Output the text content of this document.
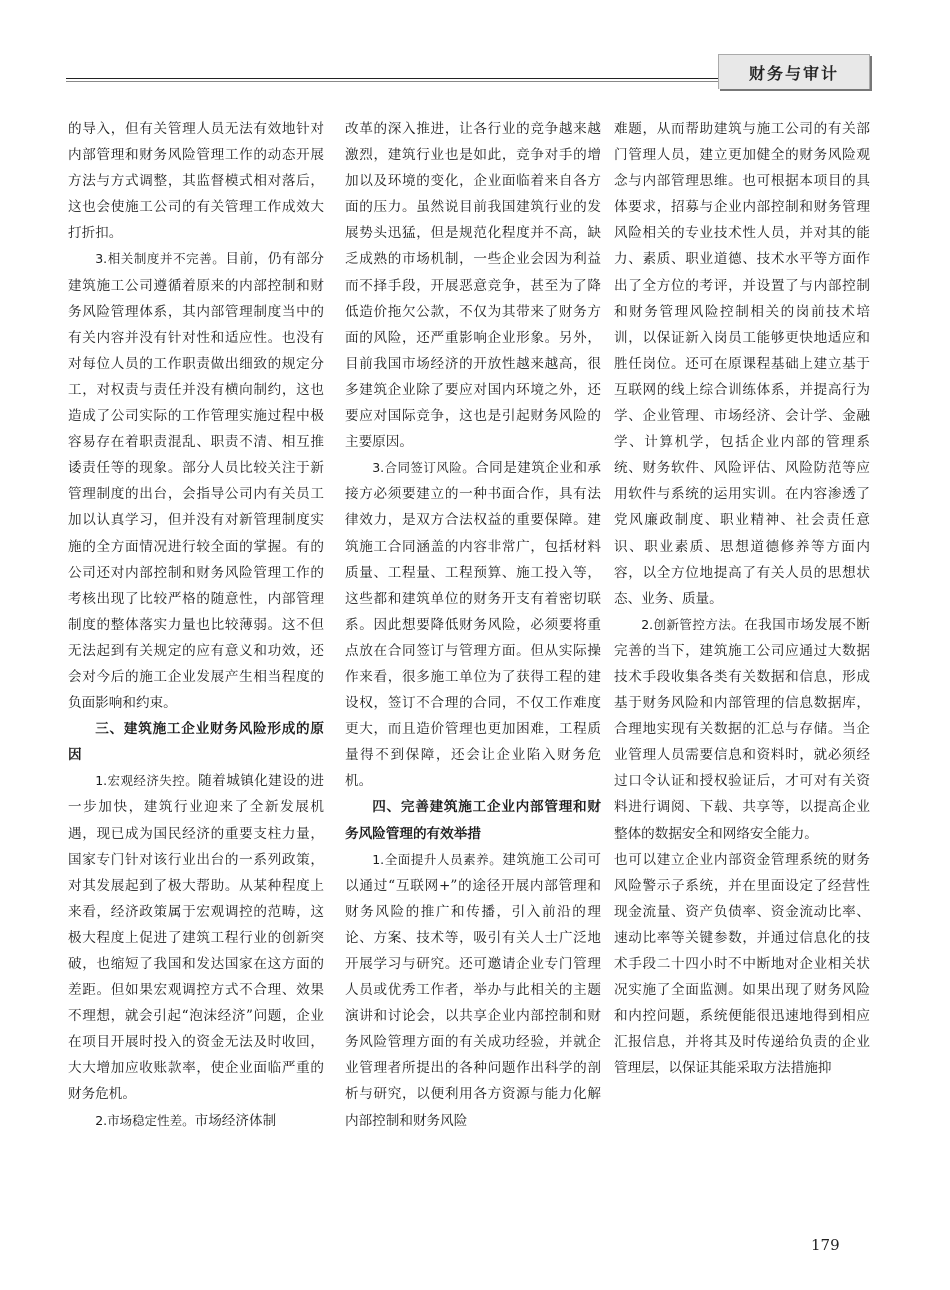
财务与审计

的导入，但有关管理人员无法有效地针对内部管理和财务风险管理工作的动态开展方法与方式调整，其监督模式相对落后，这也会使施工公司的有关管理工作成效大打折扣。

3.相关制度并不完善。目前，仍有部分建筑施工公司遵循着原来的内部控制和财务风险管理体系，其内部管理制度当中的有关内容并没有针对性和适应性。也没有对每位人员的工作职责做出细致的规定分工，对权责与责任并没有横向制约，这也造成了公司实际的工作管理实施过程中极容易存在着职责混乱、职责不清、相互推诿责任等的现象。部分人员比较关注于新管理制度的出台，会指导公司内有关员工加以认真学习，但并没有对新管理制度实施的全方面情况进行较全面的掌握。有的公司还对内部控制和财务风险管理工作的考核出现了比较严格的随意性，内部管理制度的整体落实力量也比较薄弱。这不但无法起到有关规定的应有意义和功效，还会对今后的施工企业发展产生相当程度的负面影响和约束。

三、建筑施工企业财务风险形成的原因

1.宏观经济失控。随着城镇化建设的进一步加快，建筑行业迎来了全新发展机遇，现已成为国民经济的重要支柱力量，国家专门针对该行业出台的一系列政策，对其发展起到了极大帮助。从某种程度上来看，经济政策属于宏观调控的范畴，这极大程度上促进了建筑工程行业的创新突破，也缩短了我国和发达国家在这方面的差距。但如果宏观调控方式不合理、效果不理想，就会引起“泡沫经济”问题，企业在项目开展时投入的资金无法及时收回，大大增加应收账款率，使企业面临严重的财务危机。

2.市场稳定性差。市场经济体制

改革的深入推进，让各行业的竞争越来越激烈，建筑行业也是如此，竞争对手的增加以及环境的变化，企业面临着来自各方面的压力。虽然说目前我国建筑行业的发展势头迅猛，但是规范化程度并不高，缺乏成熟的市场机制，一些企业会因为利益而不择手段，开展恶意竞争，甚至为了降低造价拖欠公款，不仅为其带来了财务方面的风险，还严重影响企业形象。另外，目前我国市场经济的开放性越来越高，很多建筑企业除了要应对国内环境之外，还要应对国际竞争，这也是引起财务风险的主要原因。

3.合同签订风险。合同是建筑企业和承接方必须要建立的一种书面合作，具有法律效力，是双方合法权益的重要保障。建筑施工合同涵盖的内容非常广，包括材料质量、工程量、工程预算、施工投入等，这些都和建筑单位的财务开支有着密切联系。因此想要降低财务风险，必须要将重点放在合同签订与管理方面。但从实际操作来看，很多施工单位为了获得工程的建设权，签订不合理的合同，不仅工作难度更大，而且造价管理也更加困难，工程质量得不到保障，还会让企业陷入财务危机。

四、完善建筑施工企业内部管理和财务风险管理的有效举措

1.全面提升人员素养。建筑施工公司可以通过“互联网+”的途径开展内部管理和财务风险的推广和传播，引入前沿的理论、方案、技术等，吸引有关人士广泛地开展学习与研究。还可邀请企业专门管理人员或优秀工作者，举办与此相关的主题演讲和讨论会，以共享企业内部控制和财务风险管理方面的有关成功经验，并就企业管理者所提出的各种问题作出科学的剖析与研究，以便利用各方资源与能力化解内部控制和财务风险

难题，从而帮助建筑与施工公司的有关部门管理人员，建立更加健全的财务风险观念与内部管理思维。也可根据本项目的具体要求，招募与企业内部控制和财务管理风险相关的专业技术性人员，并对其的能力、素质、职业道德、技术水平等方面作出了全方位的考评，并设置了与内部控制和财务管理风险控制相关的岗前技术培训，以保证新入岗员工能够更快地适应和胜任岗位。还可在原课程基础上建立基于互联网的线上综合训练体系，并提高行为学、企业管理、市场经济、会计学、金融学、计算机学，包括企业内部的管理系统、财务软件、风险评估、风险防范等应用软件与系统的运用实训。在内容渗透了党风廉政制度、职业精神、社会责任意识、职业素质、思想道德修养等方面内容，以全方位地提高了有关人员的思想状态、业务、质量。

2.创新管控方法。在我国市场发展不断完善的当下，建筑施工公司应通过大数据技术手段收集各类有关数据和信息，形成基于财务风险和内部管理的信息数据库，合理地实现有关数据的汇总与存储。当企业管理人员需要信息和资料时，就必须经过口令认证和授权验证后，才可对有关资料进行调阅、下载、共享等，以提高企业整体的数据安全和网络安全能力。

也可以建立企业内部资金管理系统的财务风险警示子系统，并在里面设定了经营性现金流量、资产负债率、资金流动比率、速动比率等关键参数，并通过信息化的技术手段二十四小时不中断地对企业相关状况实施了全面监测。如果出现了财务风险和内控问题，系统便能很迅速地得到相应汇报信息，并将其及时传递给负责的企业管理层，以保证其能采取方法措施抑

179
